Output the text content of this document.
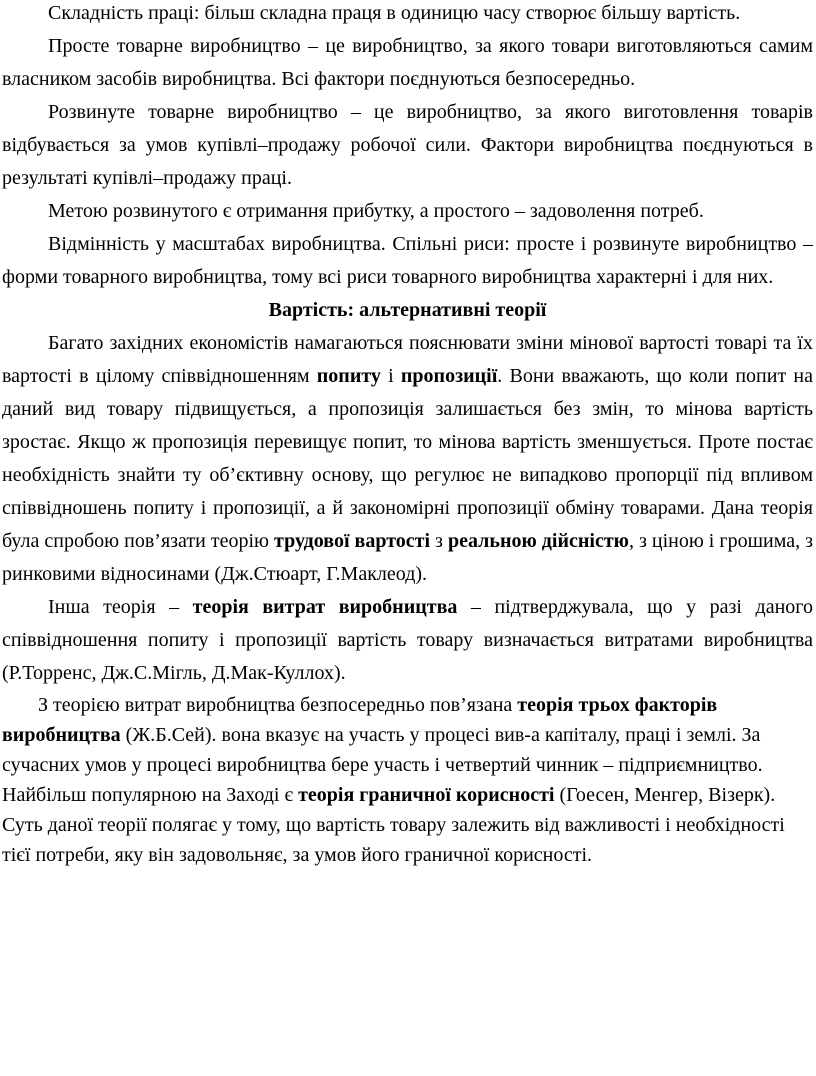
Складність праці: більш складна праця в одиницю часу створює більшу вартість.

Просте товарне виробництво – це виробництво, за якого товари виготовляються самим власником засобів виробництва. Всі фактори поєднуються безпосередньо.

Розвинуте товарне виробництво – це виробництво, за якого виготовлення товарів відбувається за умов купівлі–продажу робочої сили. Фактори виробництва поєднуються в результаті купівлі–продажу праці.

Метою розвинутого є отримання прибутку, а простого – задоволення потреб.

Відмінність у масштабах виробництва. Спільні риси: просте і розвинуте виробництво – форми товарного виробництва, тому всі риси товарного виробництва характерні і для них.

Вартість: альтернативні теорії

Багато західних економістів намагаються пояснювати зміни мінової вартості товарі та їх вартості в цілому співвідношенням попиту і пропозиції. Вони вважають, що коли попит на даний вид товару підвищується, а пропозиція залишається без змін, то мінова вартість зростає. Якщо ж пропозиція перевищує попит, то мінова вартість зменшується. Проте постає необхідність знайти ту об’єктивну основу, що регулює не випадково пропорції під впливом співвідношень попиту і пропозиції, а й закономірні пропозиції обміну товарами. Дана теорія була спробою пов’язати теорію трудової вартості з реальною дійсністю, з ціною і грошима, з ринковими відносинами (Дж.Стюарт, Г.Маклеод).

Інша теорія – теорія витрат виробництва – підтверджувала, що у разі даного співвідношення попиту і пропозиції вартість товару визначається витратами виробництва (Р.Торренс, Дж.С.Мігль, Д.Мак-Куллох).

З теорією витрат виробництва безпосередньо пов’язана теорія трьох факторів виробництва (Ж.Б.Сей). вона вказує на участь у процесі вив-а капіталу, праці і землі. За сучасних умов у процесі виробництва бере участь і четвертий чинник – підприємництво. Найбільш популярною на Заході є теорія граничної корисності (Гоесен, Менгер, Візерк). Суть даної теорії полягає у тому, що вартість товару залежить від важливості і необхідності тієї потреби, яку він задовольняє, за умов його граничної корисності.
